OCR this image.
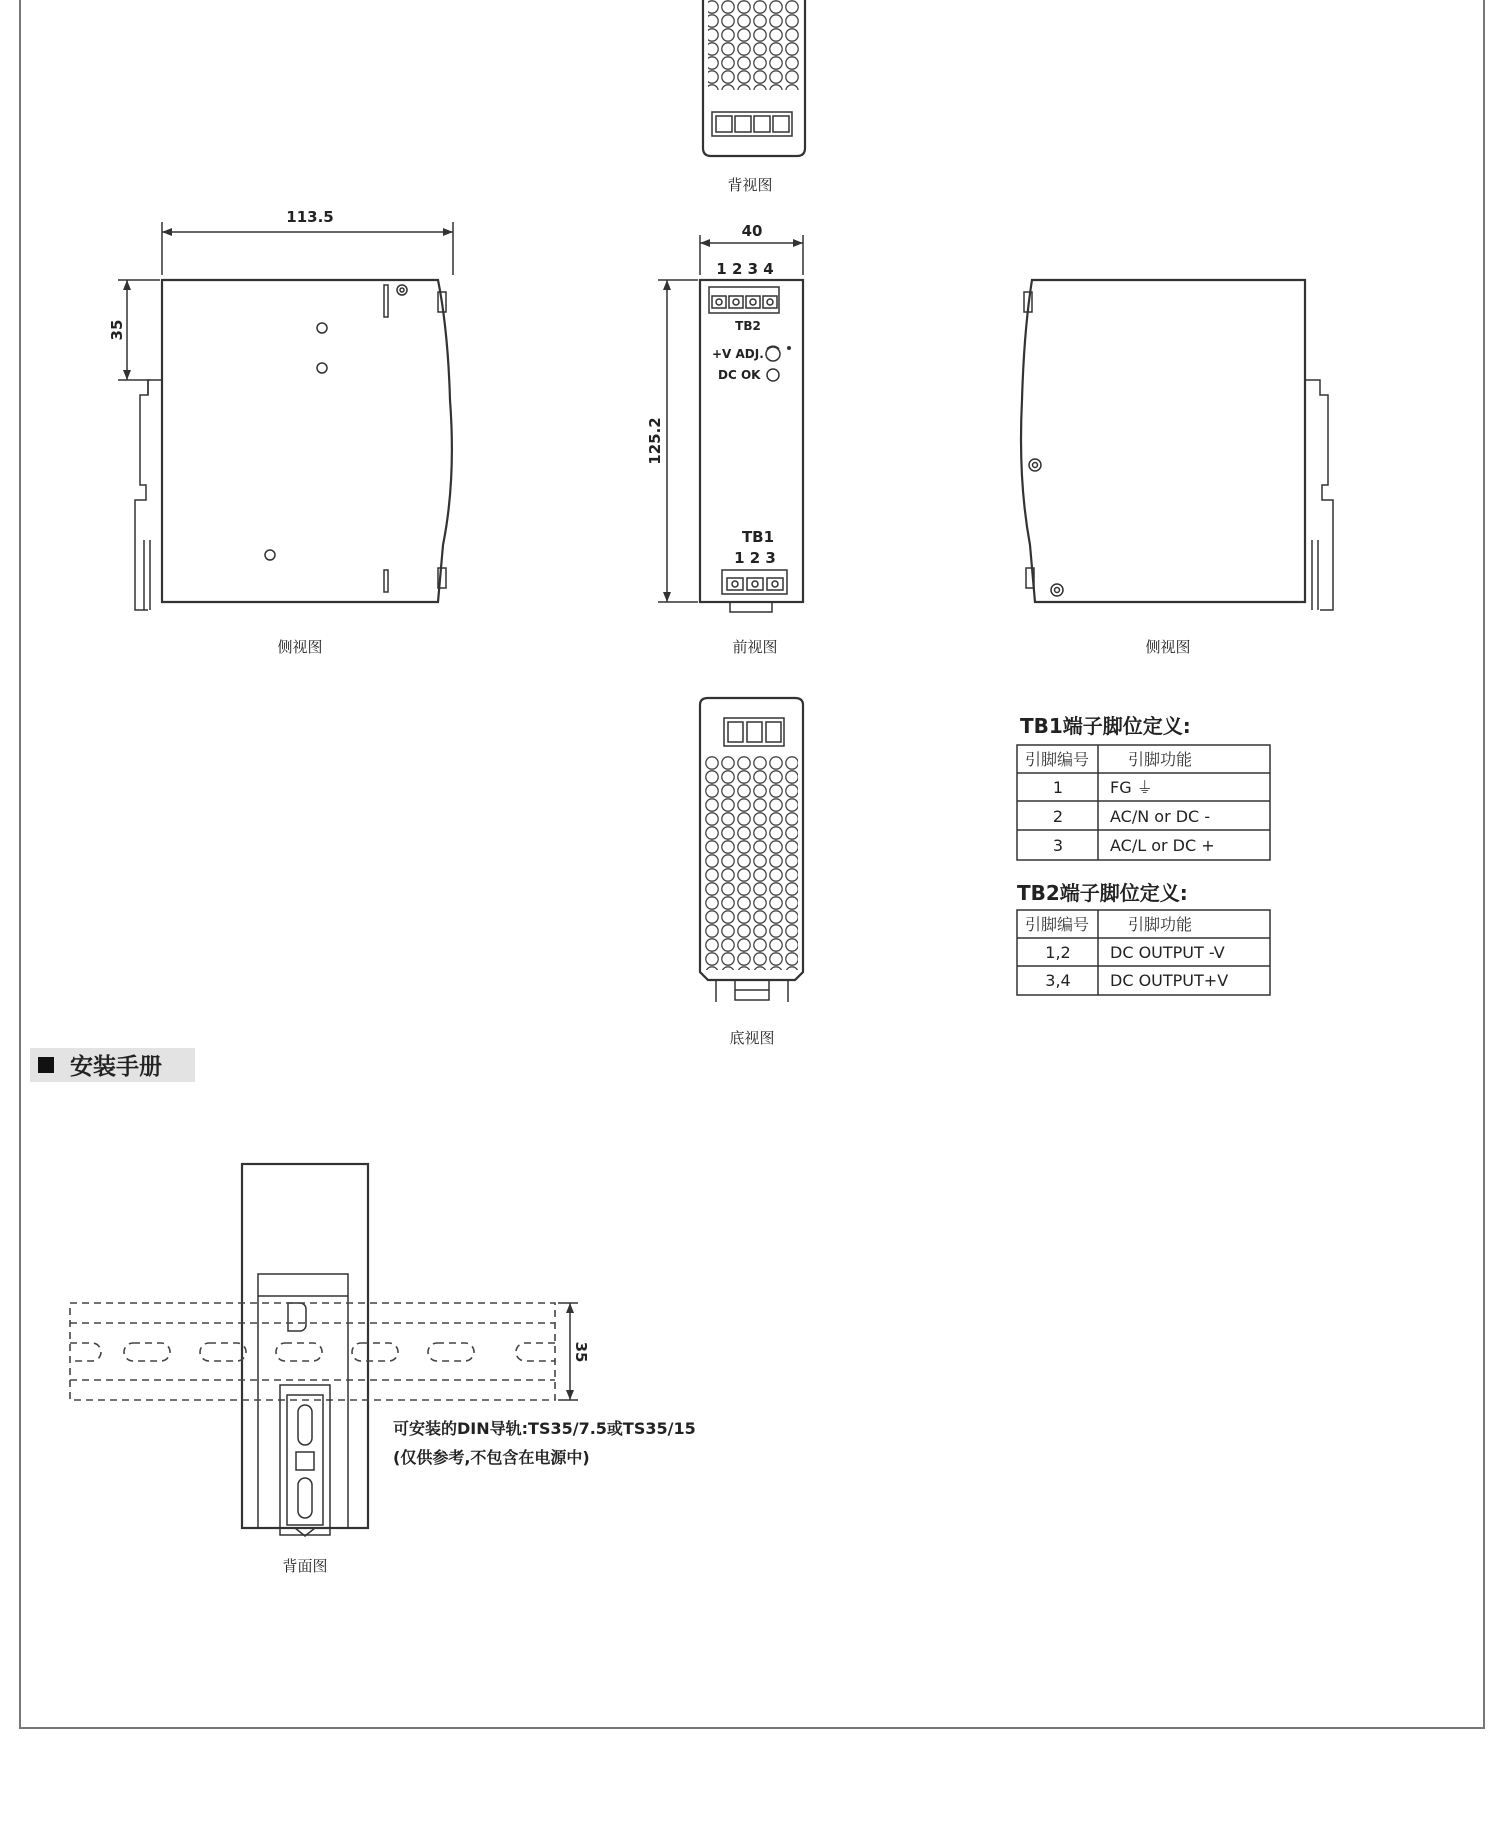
背视图
113.5
35
侧视图
40
125.2
1 2 3 4
TB2
+V ADJ.
DC OK
TB1
1 2 3
前视图	侧视图
底视图
TB1端子脚位定义:
引脚编号 引脚功能
1	FG ⏚
2	AC/N or DC -
3	AC/L or DC +
TB2端子脚位定义:
引脚编号 引脚功能
1,2 DC OUTPUT -V
3,4 DC OUTPUT+V
安装手册
35
可安装的DIN导轨:TS35/7.5或TS35/15
(仅供参考,不包含在电源中)
背面图
